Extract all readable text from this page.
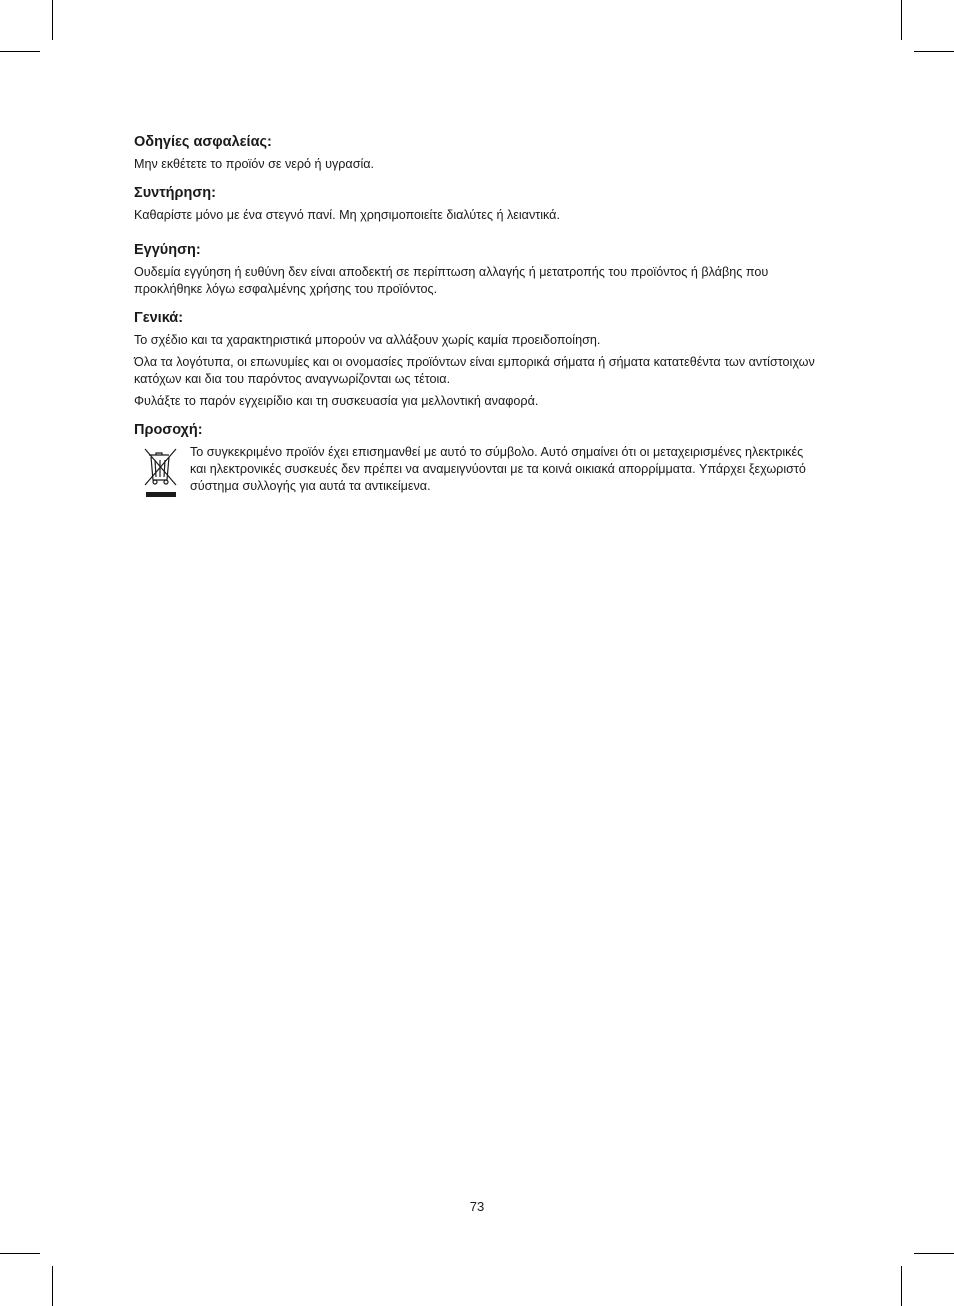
Οδηγίες ασφαλείας:

Μην εκθέτετε το προϊόν σε νερό ή υγρασία.

Συντήρηση:

Καθαρίστε μόνο με ένα στεγνό πανί. Μη χρησιμοποιείτε διαλύτες ή λειαντικά.

Εγγύηση:

Ουδεμία εγγύηση ή ευθύνη δεν είναι αποδεκτή σε περίπτωση αλλαγής ή μετατροπής του προϊόντος ή βλάβης που προκλήθηκε λόγω εσφαλμένης χρήσης του προϊόντος.

Γενικά:

Το σχέδιο και τα χαρακτηριστικά μπορούν να αλλάξουν χωρίς καμία προειδοποίηση.

Όλα τα λογότυπα, οι επωνυμίες και οι ονομασίες προϊόντων είναι εμπορικά σήματα ή σήματα κατατεθέντα των αντίστοιχων κατόχων και δια του παρόντος αναγνωρίζονται ως τέτοια.

Φυλάξτε το παρόν εγχειρίδιο και τη συσκευασία για μελλοντική αναφορά.

Προσοχή:

Το συγκεκριμένο προϊόν έχει επισημανθεί με αυτό το σύμβολο. Αυτό σημαίνει ότι οι μεταχειρισμένες ηλεκτρικές και ηλεκτρονικές συσκευές δεν πρέπει να αναμειγνύονται με τα κοινά οικιακά απορρίμματα. Υπάρχει ξεχωριστό σύστημα συλλογής για αυτά τα αντικείμενα.

73
